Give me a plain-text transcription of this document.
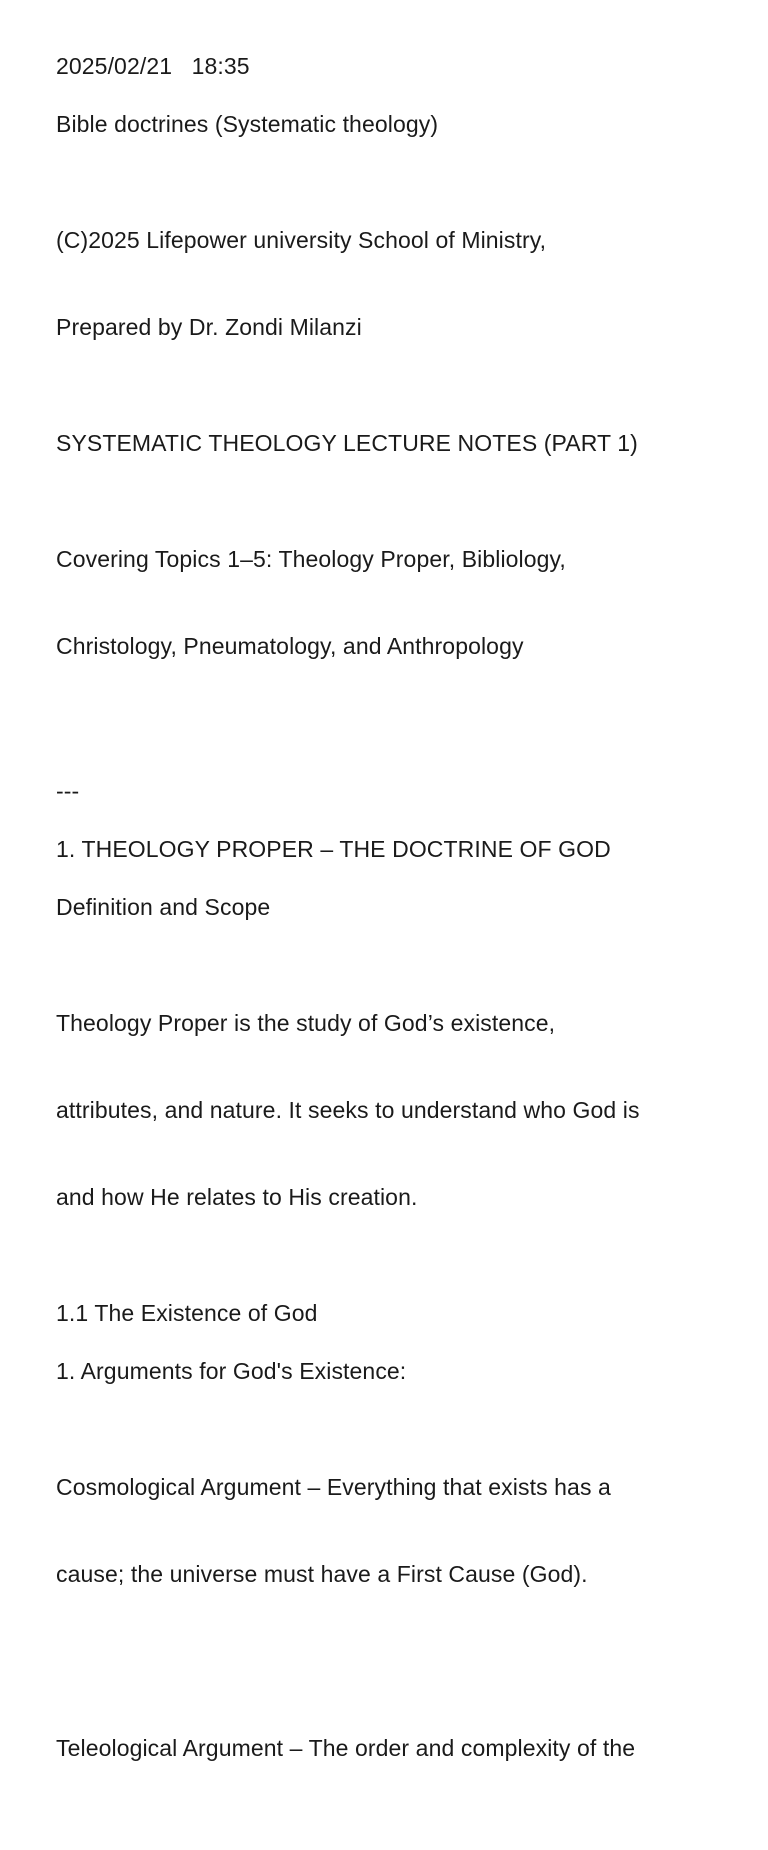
2025/02/21   18:35
Bible doctrines (Systematic theology)

(C)2025 Lifepower university School of Ministry,

Prepared by Dr. Zondi Milanzi

SYSTEMATIC THEOLOGY LECTURE NOTES (PART 1)

Covering Topics 1–5: Theology Proper, Bibliology,

Christology, Pneumatology, and Anthropology

---
1. THEOLOGY PROPER – THE DOCTRINE OF GOD
Definition and Scope

Theology Proper is the study of God’s existence,

attributes, and nature. It seeks to understand who God is

and how He relates to His creation.

1.1 The Existence of God
1. Arguments for God's Existence:

Cosmological Argument – Everything that exists has a

cause; the universe must have a First Cause (God).

Teleological Argument – The order and complexity of the
